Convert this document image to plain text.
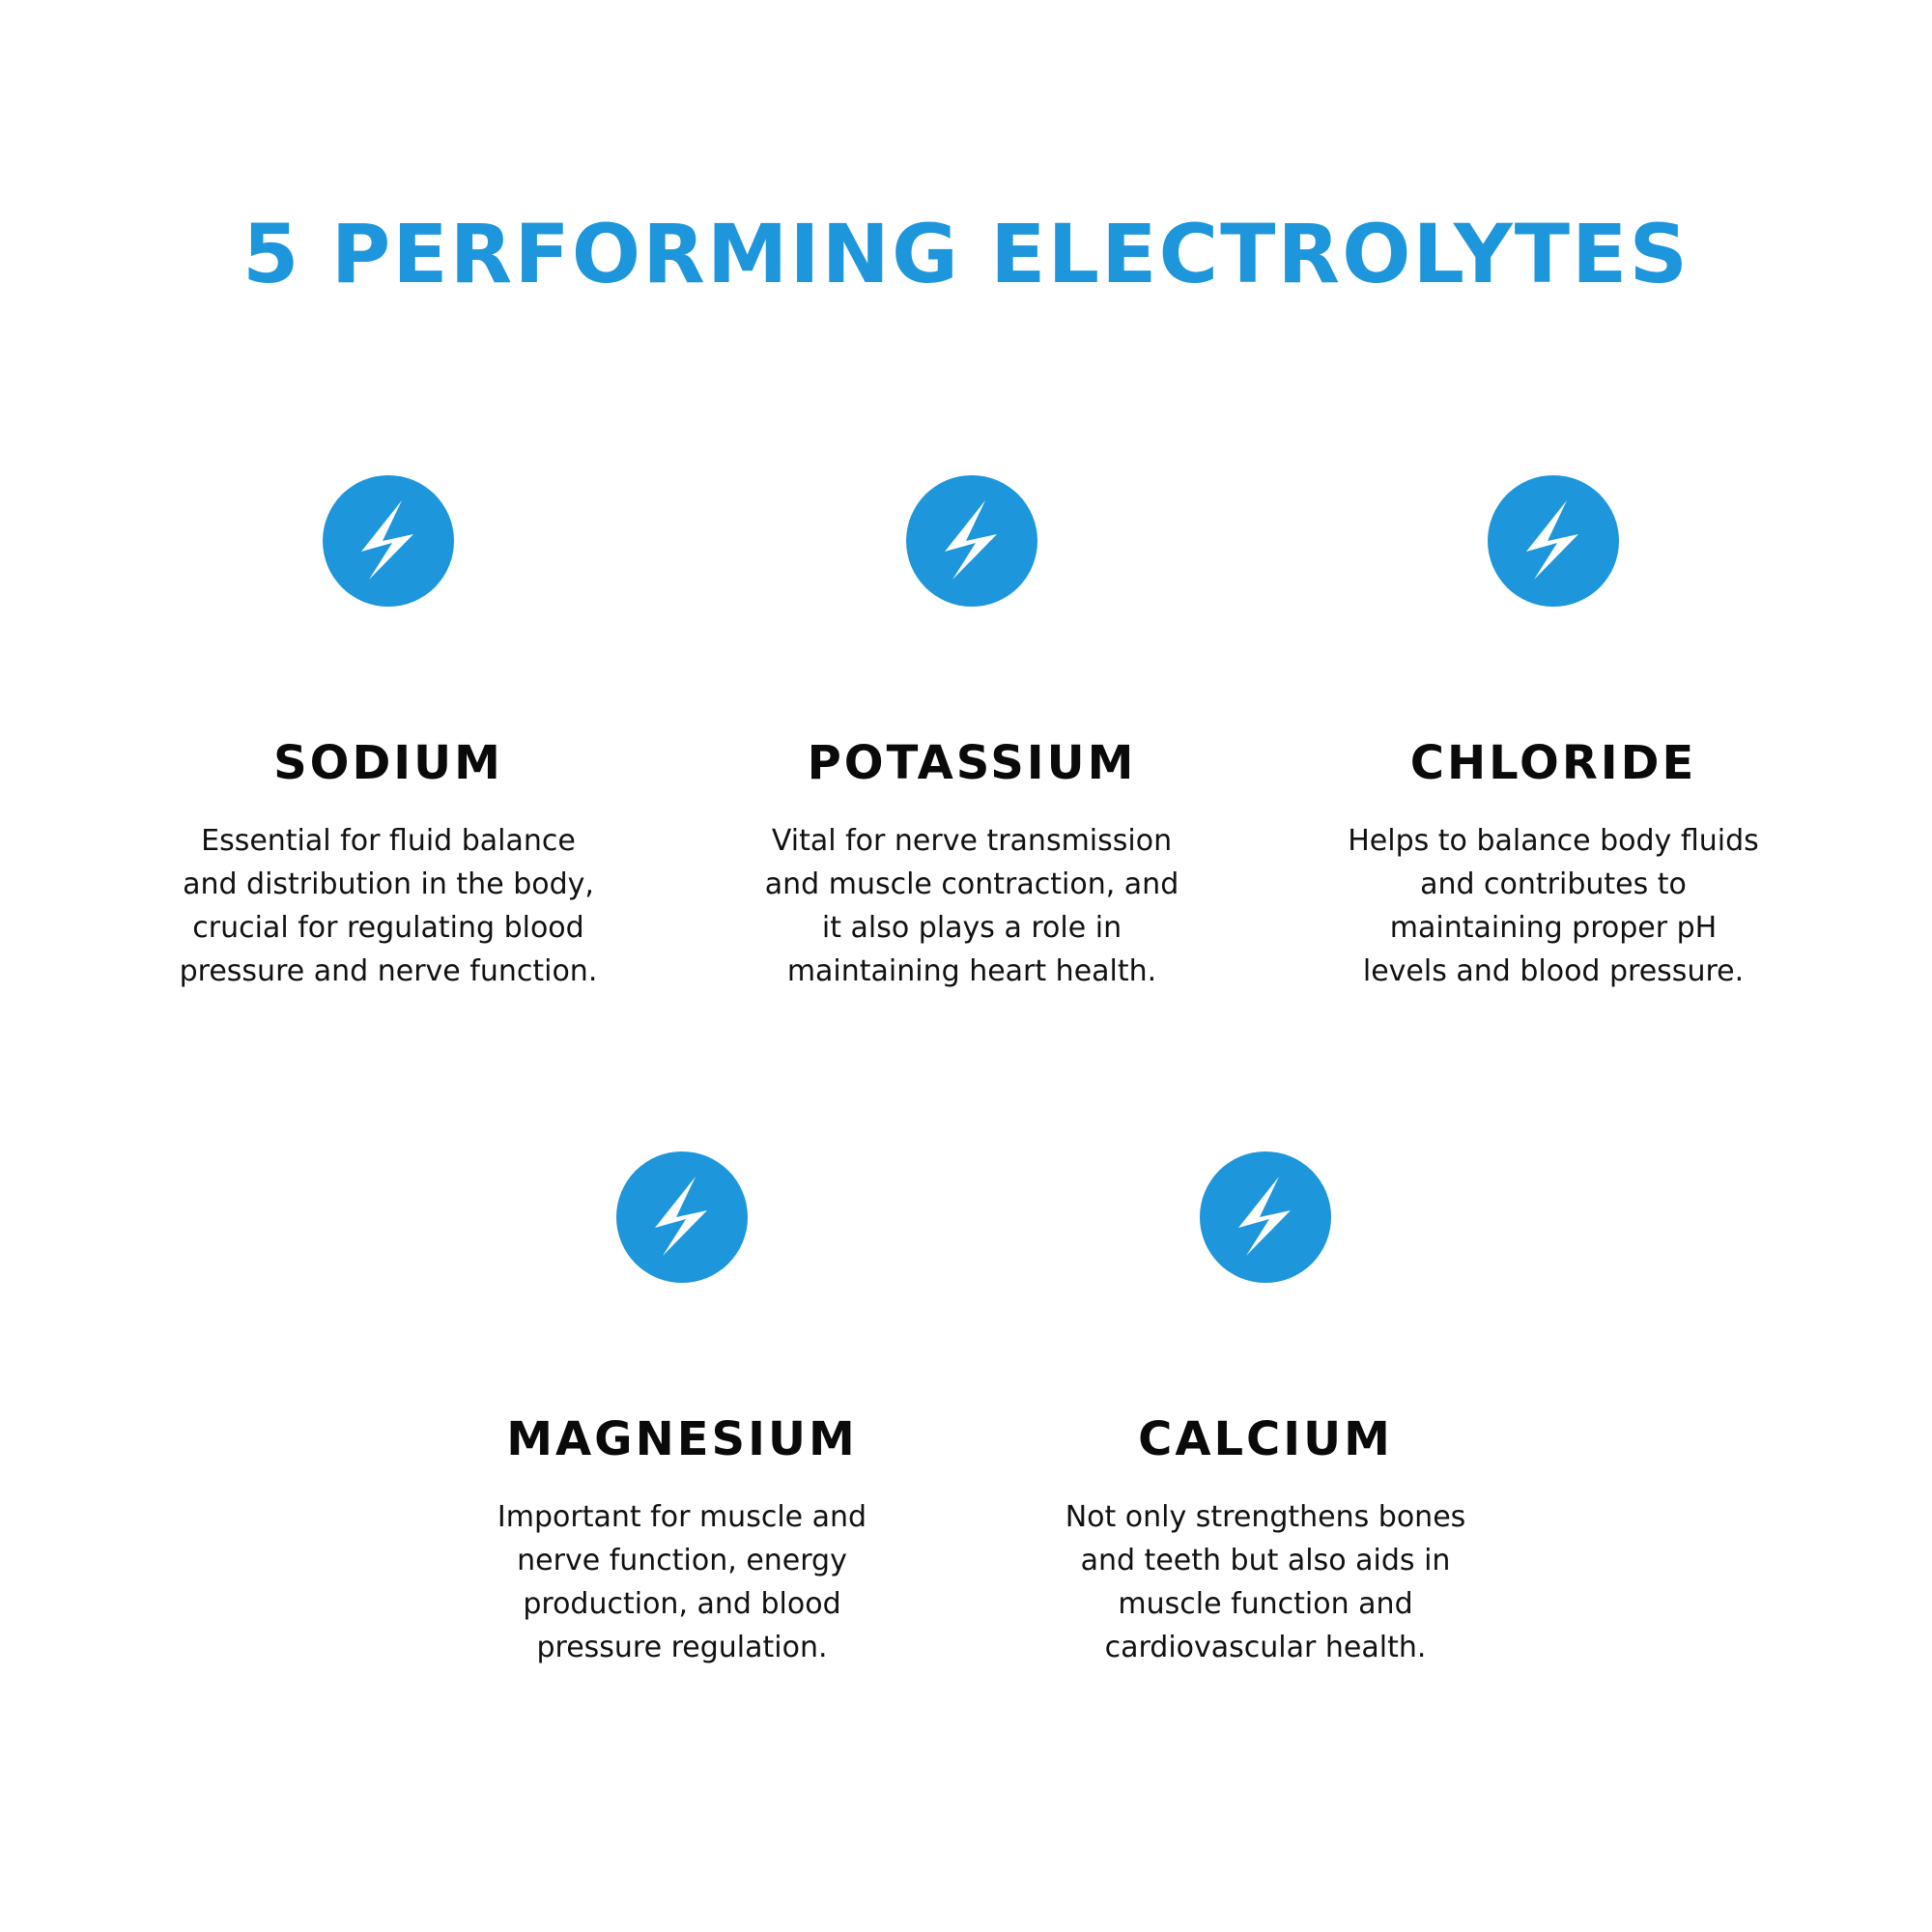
5 PERFORMING ELECTROLYTES
SODIUM

Essential for fluid balance
and distribution in the body,
crucial for regulating blood
pressure and nerve function.

POTASSIUM

Vital for nerve transmission
and muscle contraction, and
it also plays a role in
maintaining heart health.

CHLORIDE

Helps to balance body fluids
and contributes to
maintaining proper pH
levels and blood pressure.

MAGNESIUM

Important for muscle and
nerve function, energy
production, and blood
pressure regulation.

CALCIUM

Not only strengthens bones
and teeth but also aids in
muscle function and
cardiovascular health.
